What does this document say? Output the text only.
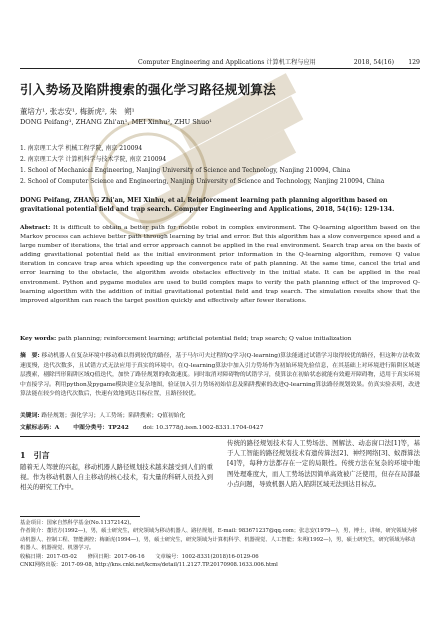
Computer Engineering and Applications 计算机工程与应用	2018, 54(16) 129
引入势场及陷阱搜索的强化学习路径规划算法
董培方¹, 张志安¹, 梅新虎², 朱　朔¹
DONG Peifang¹, ZHANG Zhi'an¹, MEI Xinhu², ZHU Shuo¹
1. 南京理工大学 机械工程学院, 南京 210094
2. 南京理工大学 计算机科学与技术学院, 南京 210094
1. School of Mechanical Engineering, Nanjing University of Science and Technology, Nanjing 210094, China
2. School of Computer Science and Engineering, Nanjing University of Science and Technology, Nanjing 210094, China
DONG Peifang, ZHANG Zhi'an, MEI Xinhu, et al. Reinforcement learning path planning algorithm based on gravitational potential field and trap search. Computer Engineering and Applications, 2018, 54(16): 129-134.
Abstract: It is difficult to obtain a better path for mobile robot in complex environment. The Q-learning algorithm based on the Markov process can achieve better path through learning by trial and error. But this algorithm has a slow convergence speed and a large number of iterations, the trial and error approach cannot be applied in the real environment. Search trap area on the basis of adding gravitational potential field as the initial environment prior information in the Q-learning algorithm, remove Q value iteration in concave trap area which speeding up the convergence rate of path planning. At the same time, cancel the trial and error learning to the obstacle, the algorithm avoids obstacles effectively in the initial state. It can be applied in the real environment. Python and pygame modules are used to build complex maps to verify the path planning effect of the improved Q-learning algorithm with the addition of initial gravitational potential field and trap search. The simulation results show that the improved algorithm can reach the target position quickly and effectively after fewer iterations.
Key words: path planning; reinforcement learning; artificial potential field; trap search; Q value initialization
摘　要: 移动机器人在复杂环境中移动难以得到较优的路径，基于马尔可夫过程的Q学习(Q-learning)算法能通过试错学习取得较优的路径，但这种方法收敛速度慢，迭代次数多，且试错方式无法应用于真实的环境中。在Q-learning算法中加入引力势场作为初始环境先验信息，在其基础上对环境进行陷阱区域逐层搜索，剔除凹形陷阱区域Q值迭代，加快了路径规划的收敛速度。同时取消对障碍物的试错学习，使算法在初始状态就能有效避开障碍物，适用于真实环境中直接学习。利用python及pygame模块建立复杂地图，验证加入引力势场初始信息及陷阱搜索的改进Q-learning算法路径规划效果。仿真实验表明，改进算法能在较少的迭代次数后，快速有效地到达目标位置，且路径较优。
关键词: 路径规划；强化学习；人工势场；陷阱搜索；Q值初始化
文献标志码：A 中图分类号：TP242 doi: 10.3778/j.issn.1002-8331.1704-0427
1　引言
随着无人驾驶的兴起，移动机器人路径规划技术越来越受到人们的重视。作为移动机器人自主移动的核心技术，有大量的科研人员投入到相关的研究工作中。
传统的路径规划技术有人工势场法、图解法、动态窗口法[1]等，基于人工智能的路径规划技术有遗传算法[2]、神经网络[3]、蚁群算法[4]等，每种方法都存在一定的局限性。传统方法在复杂的环境中地图处理难度大，而人工势场法因简单高效被广泛使用，但存在局部最小点问题，导致机器人陷入陷阱区域无法到达目标点。
基金项目：国家自然科学基金(No.11372142)。
作者简介：董培方(1992—)，男，硕士研究生，研究领域为移动机器人、路径规划，E-mail: 983671237@qq.com；张志安(1979—)，男，博士，讲师，研究领域为移动机器人、控制工程、智能测控；梅新虎(1994—)，男，硕士研究生，研究领域为计算机科学、机器视觉、人工智能；朱朔(1992—)，男，硕士研究生，研究领域为移动机器人、机器视觉、机器学习。
收稿日期：2017-05-02　　修回日期：2017-06-16　　文章编号：1002-8331(2018)16-0129-06
CNKI网络出版：2017-09-08, http://kns.cnki.net/kcms/detail/11.2127.TP.20170908.1633.006.html
